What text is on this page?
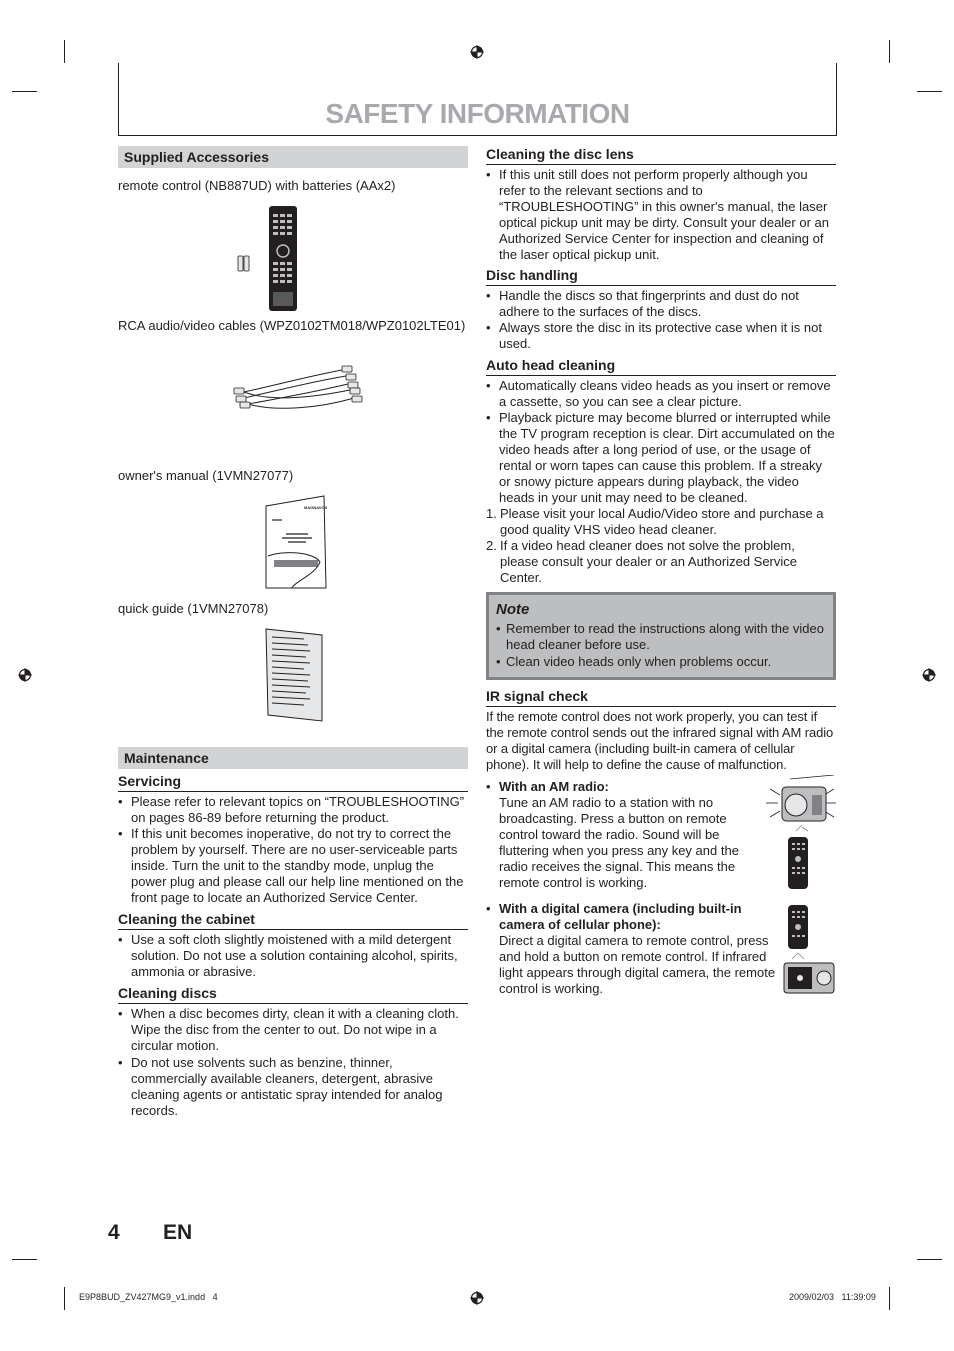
SAFETY INFORMATION
Supplied Accessories
remote control (NB887UD) with batteries (AAx2)
RCA audio/video cables (WPZ0102TM018/WPZ0102LTE01)
owner's manual (1VMN27077)
MAGNAVOX
quick guide (1VMN27078)
Maintenance
Servicing
• Please refer to relevant topics on “TROUBLESHOOTING” on pages 86-89 before returning the product.
• If this unit becomes inoperative, do not try to correct the problem by yourself. There are no user-serviceable parts inside. Turn the unit to the standby mode, unplug the power plug and please call our help line mentioned on the front page to locate an Authorized Service Center.
Cleaning the cabinet
• Use a soft cloth slightly moistened with a mild detergent solution. Do not use a solution containing alcohol, spirits, ammonia or abrasive.
Cleaning discs
• When a disc becomes dirty, clean it with a cleaning cloth. Wipe the disc from the center to out. Do not wipe in a circular motion.
• Do not use solvents such as benzine, thinner, commercially available cleaners, detergent, abrasive cleaning agents or antistatic spray intended for analog records.
Cleaning the disc lens
• If this unit still does not perform properly although you refer to the relevant sections and to “TROUBLESHOOTING” in this owner's manual, the laser optical pickup unit may be dirty. Consult your dealer or an Authorized Service Center for inspection and cleaning of the laser optical pickup unit.
Disc handling
• Handle the discs so that fingerprints and dust do not adhere to the surfaces of the discs.
• Always store the disc in its protective case when it is not used.
Auto head cleaning
• Automatically cleans video heads as you insert or remove a cassette, so you can see a clear picture.
• Playback picture may become blurred or interrupted while the TV program reception is clear. Dirt accumulated on the video heads after a long period of use, or the usage of rental or worn tapes can cause this problem. If a streaky or snowy picture appears during playback, the video heads in your unit may need to be cleaned.
1. Please visit your local Audio/Video store and purchase a good quality VHS video head cleaner.
2. If a video head cleaner does not solve the problem, please consult your dealer or an Authorized Service Center.
Note
• Remember to read the instructions along with the video head cleaner before use.
• Clean video heads only when problems occur.
IR signal check
If the remote control does not work properly, you can test if the remote control sends out the infrared signal with AM radio or a digital camera (including built-in camera of cellular phone). It will help to define the cause of malfunction.
• With an AM radio:
Tune an AM radio to a station with no broadcasting. Press a button on remote control toward the radio. Sound will be fluttering when you press any key and the radio receives the signal. This means the remote control is working.
• With a digital camera (including built-in camera of cellular phone):
Direct a digital camera to remote control, press and hold a button on remote control. If infrared light appears through digital camera, the remote control is working.
4 EN
E9P8BUD_ZV427MG9_v1.indd   4	2009/02/03   11:39:09
